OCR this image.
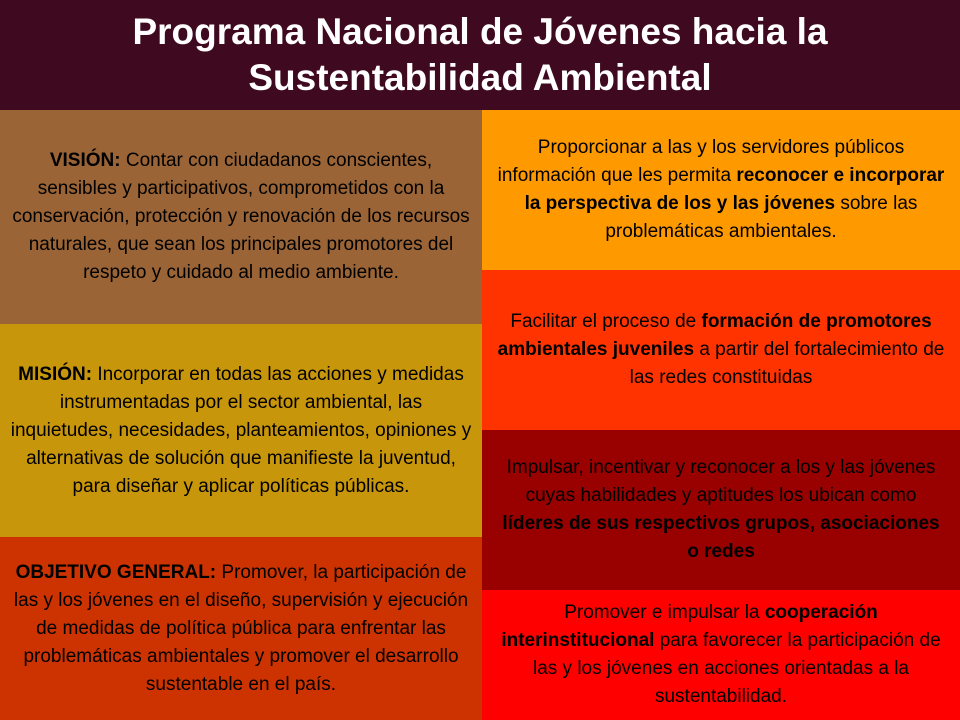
Programa Nacional de Jóvenes hacia la Sustentabilidad Ambiental

VISIÓN: Contar con ciudadanos conscientes, sensibles y participativos, comprometidos con la conservación, protección y renovación de los recursos naturales, que sean los principales promotores del respeto y cuidado al medio ambiente.

MISIÓN: Incorporar en todas las acciones y medidas instrumentadas por el sector ambiental, las inquietudes, necesidades, planteamientos, opiniones y alternativas de solución que manifieste la juventud, para diseñar y aplicar políticas públicas.

OBJETIVO GENERAL: Promover, la participación de las y los jóvenes en el diseño, supervisión y ejecución de medidas de política pública para enfrentar las problemáticas ambientales y promover el desarrollo sustentable en el país.

Proporcionar a las y los servidores públicos información que les permita reconocer e incorporar la perspectiva de los y las jóvenes sobre las problemáticas ambientales.

Facilitar el proceso de formación de promotores ambientales juveniles a partir del fortalecimiento de las redes constituidas

Impulsar, incentivar y reconocer a los y las jóvenes cuyas habilidades y aptitudes los ubican como líderes de sus respectivos grupos, asociaciones o redes

Promover e impulsar la cooperación interinstitucional para favorecer la participación de las y los jóvenes en acciones orientadas a la sustentabilidad.
